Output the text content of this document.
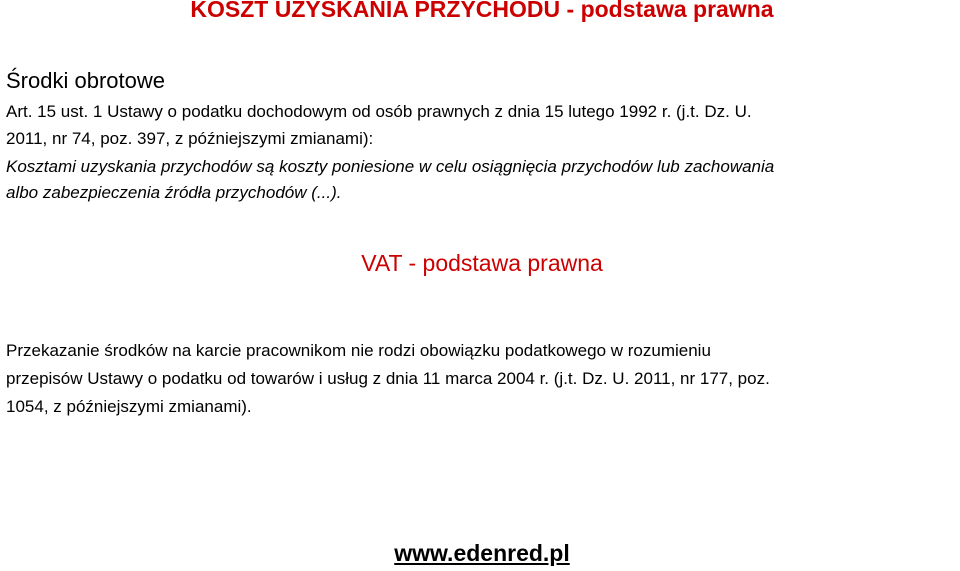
KOSZT UZYSKANIA PRZYCHODU - podstawa prawna
Środki obrotowe

Art. 15 ust. 1 Ustawy o podatku dochodowym od osób prawnych z dnia 15 lutego 1992 r. (j.t. Dz. U.

2011, nr 74, poz. 397, z późniejszymi zmianami):

Kosztami uzyskania przychodów są koszty poniesione w celu osiągnięcia przychodów lub zachowania

albo zabezpieczenia źródła przychodów (...).

VAT - podstawa prawna

Przekazanie środków na karcie pracownikom nie rodzi obowiązku podatkowego w rozumieniu

przepisów Ustawy o podatku od towarów i usług z dnia 11 marca 2004 r. (j.t. Dz. U. 2011, nr 177, poz.

1054, z późniejszymi zmianami).

www.edenred.pl
